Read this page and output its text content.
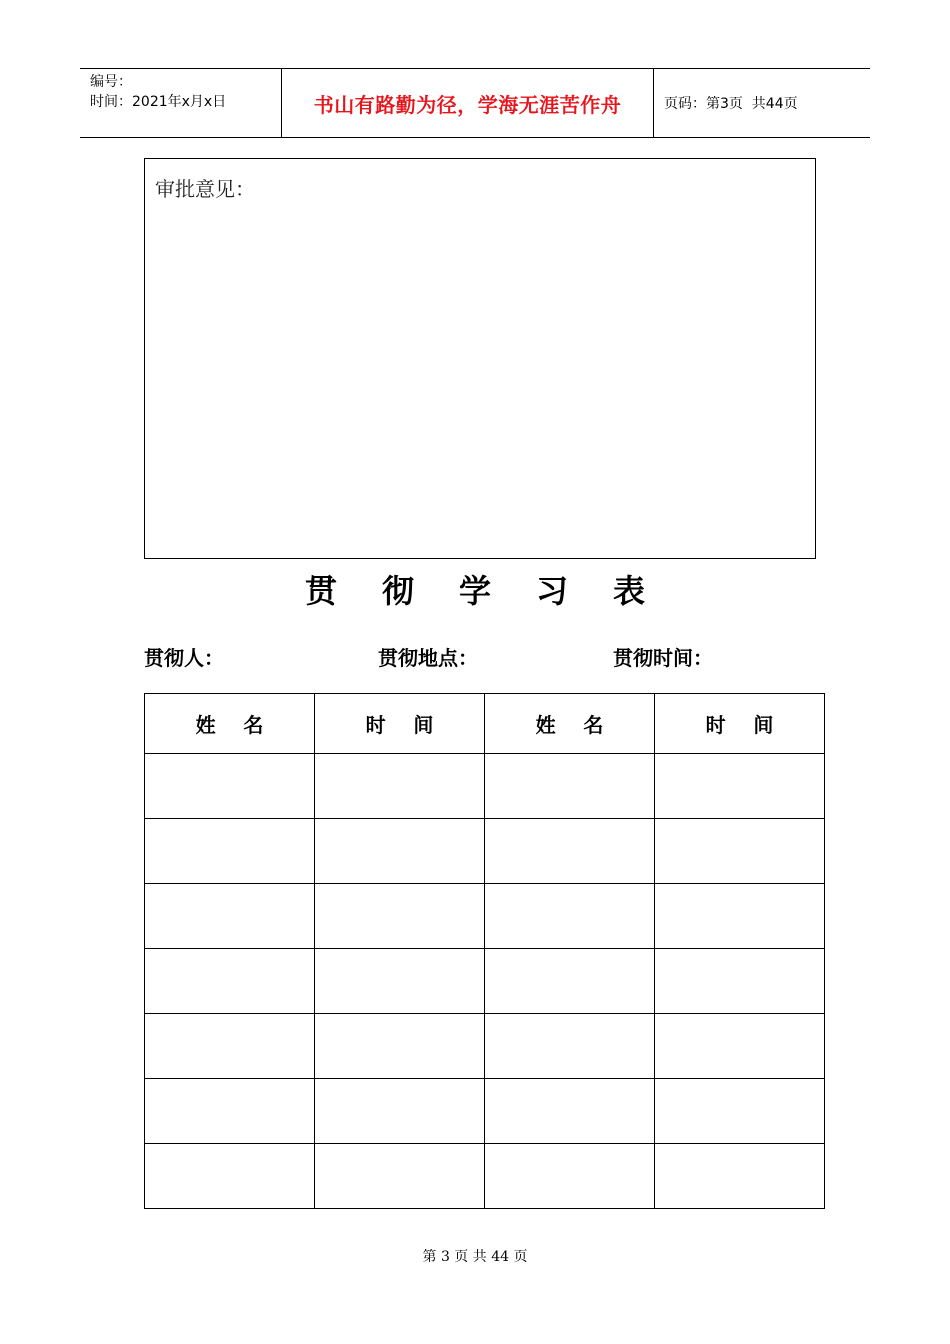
编号：
时间：2021年x月x日	书山有路勤为径，学海无涯苦作舟	页码：第3页  共44页
审批意见：
贯	彻	学	习	表
贯彻人：	贯彻地点：	贯彻时间：
姓    名	时    间	姓    名	时    间

第 3 页 共 44 页
